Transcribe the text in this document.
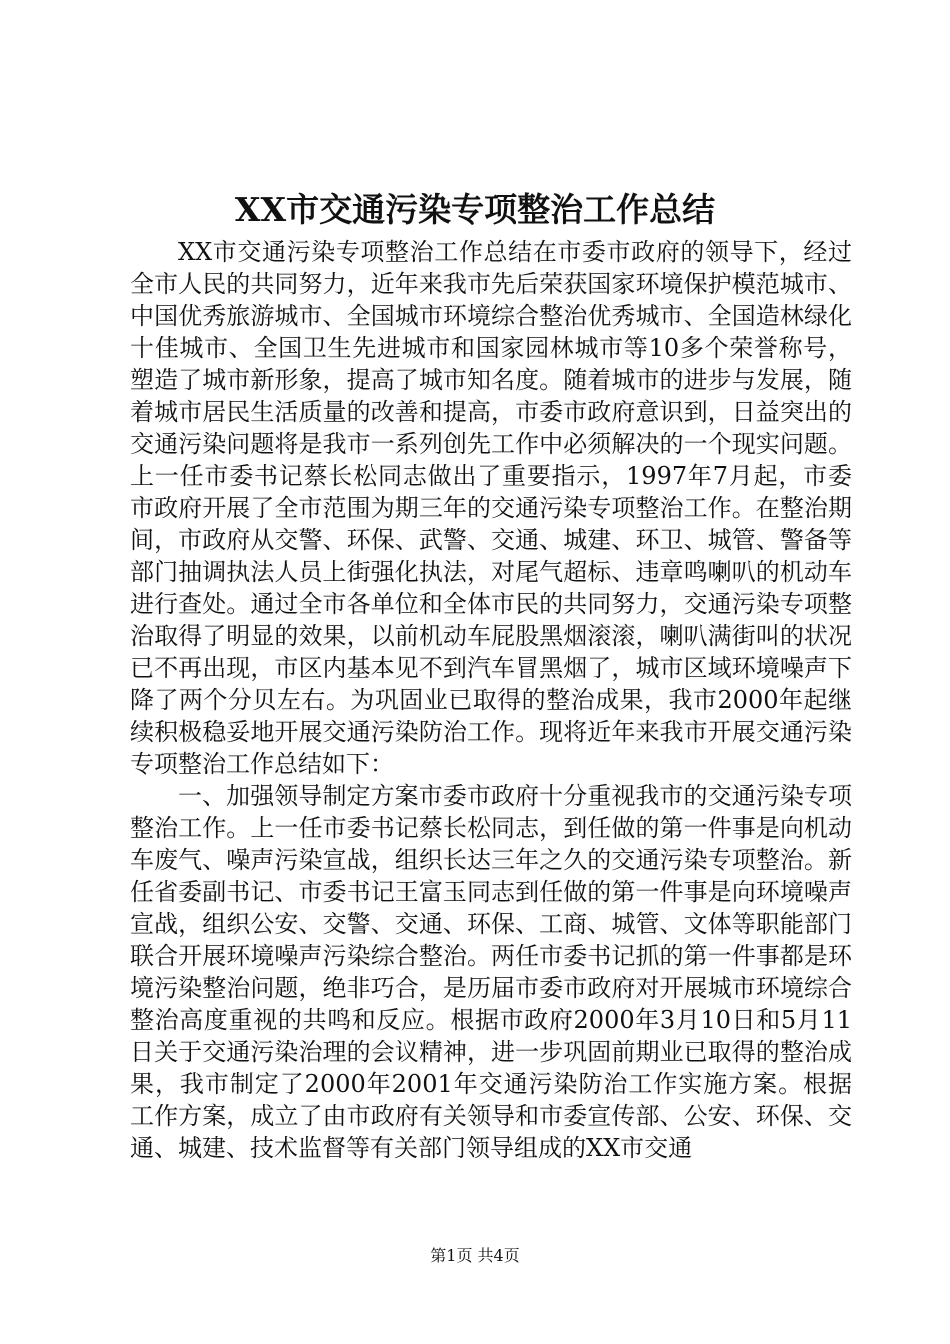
XX市交通污染专项整治工作总结

XX市交通污染专项整治工作总结在市委市政府的领导下，经过全市人民的共同努力，近年来我市先后荣获国家环境保护模范城市、中国优秀旅游城市、全国城市环境综合整治优秀城市、全国造林绿化十佳城市、全国卫生先进城市和国家园林城市等10多个荣誉称号，塑造了城市新形象，提高了城市知名度。随着城市的进步与发展，随着城市居民生活质量的改善和提高，市委市政府意识到，日益突出的交通污染问题将是我市一系列创先工作中必须解决的一个现实问题。上一任市委书记蔡长松同志做出了重要指示，1997年7月起，市委市政府开展了全市范围为期三年的交通污染专项整治工作。在整治期间，市政府从交警、环保、武警、交通、城建、环卫、城管、警备等部门抽调执法人员上街强化执法，对尾气超标、违章鸣喇叭的机动车进行查处。通过全市各单位和全体市民的共同努力，交通污染专项整治取得了明显的效果，以前机动车屁股黑烟滚滚，喇叭满街叫的状况已不再出现，市区内基本见不到汽车冒黑烟了，城市区域环境噪声下降了两个分贝左右。为巩固业已取得的整治成果，我市2000年起继续积极稳妥地开展交通污染防治工作。现将近年来我市开展交通污染专项整治工作总结如下：

一、加强领导制定方案市委市政府十分重视我市的交通污染专项整治工作。上一任市委书记蔡长松同志，到任做的第一件事是向机动车废气、噪声污染宣战，组织长达三年之久的交通污染专项整治。新任省委副书记、市委书记王富玉同志到任做的第一件事是向环境噪声宣战，组织公安、交警、交通、环保、工商、城管、文体等职能部门联合开展环境噪声污染综合整治。两任市委书记抓的第一件事都是环境污染整治问题，绝非巧合，是历届市委市政府对开展城市环境综合整治高度重视的共鸣和反应。根据市政府2000年3月10日和5月11日关于交通污染治理的会议精神，进一步巩固前期业已取得的整治成果，我市制定了2000年2001年交通污染防治工作实施方案。根据工作方案，成立了由市政府有关领导和市委宣传部、公安、环保、交通、城建、技术监督等有关部门领导组成的XX市交通

第1页 共4页
